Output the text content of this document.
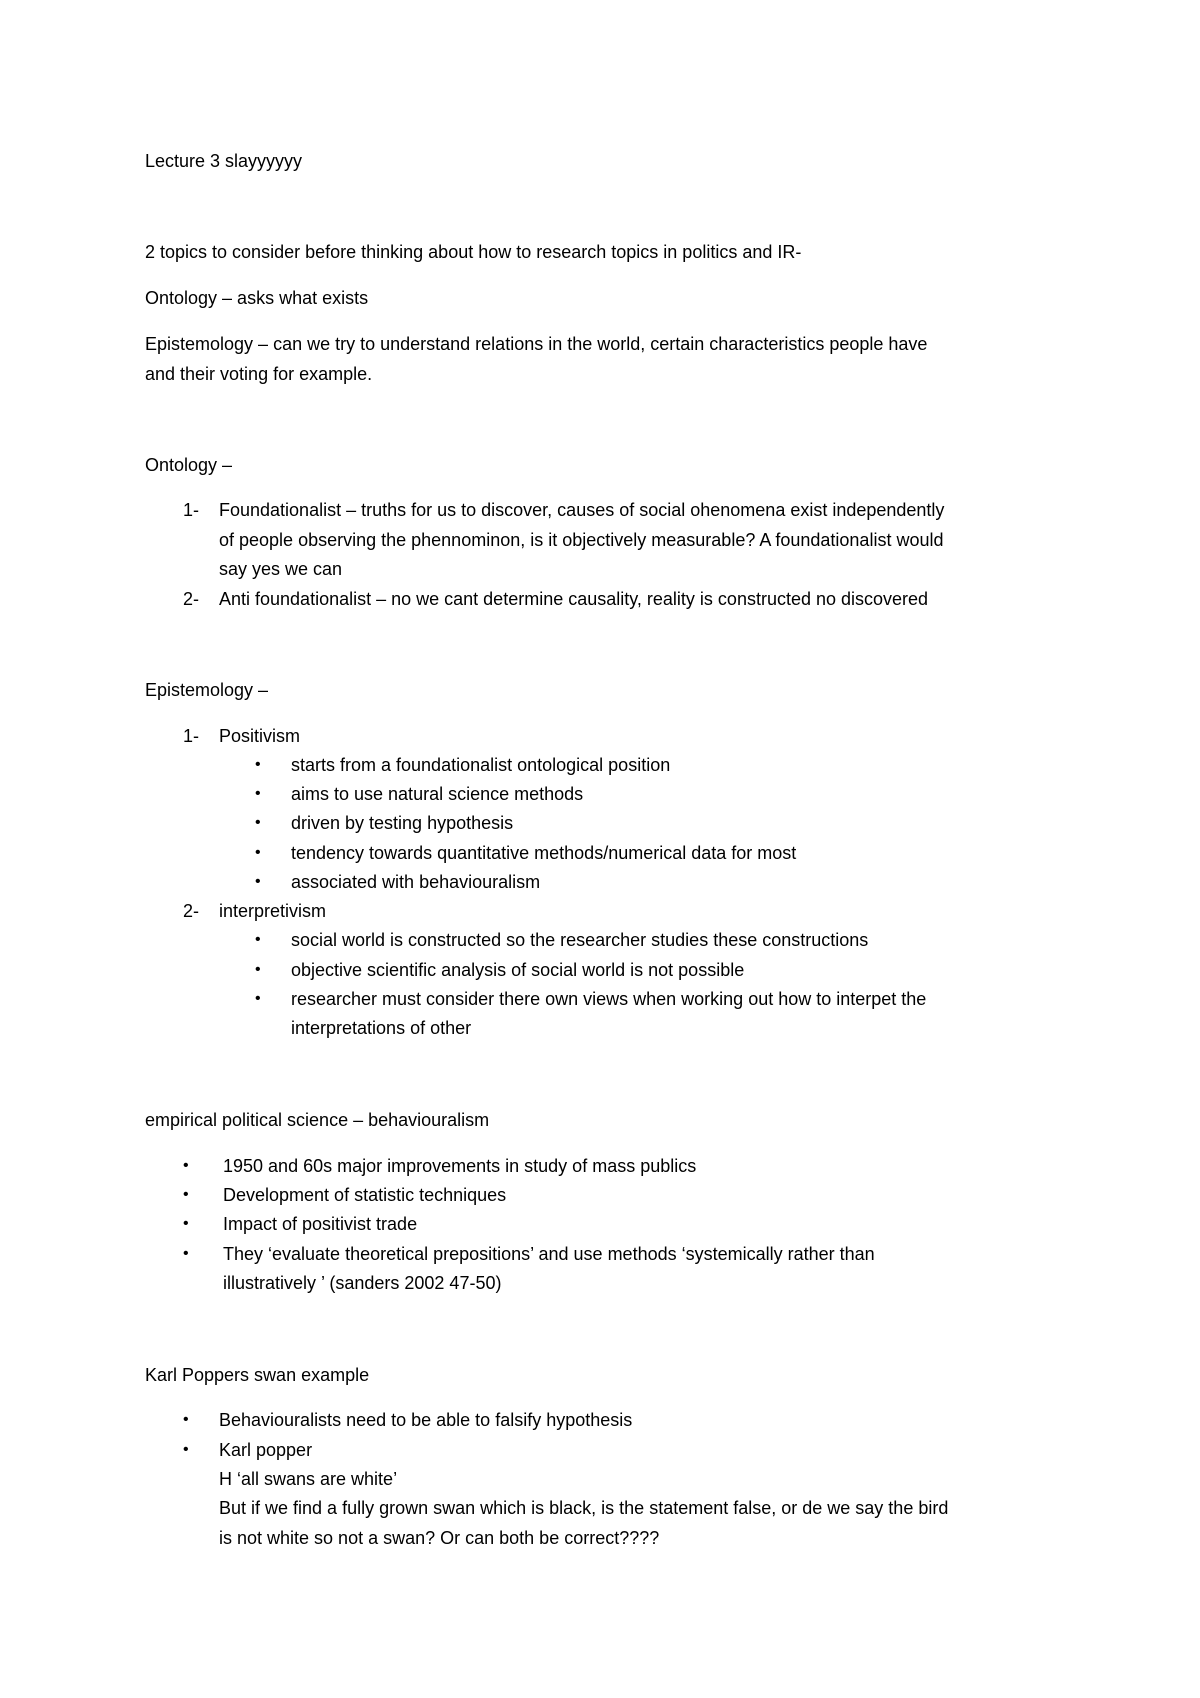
Lecture 3 slayyyyyy
2 topics to consider before thinking about how to research topics in politics and IR-
Ontology – asks what exists
Epistemology – can we try to understand relations in the world, certain characteristics people have
and their voting for example.
Ontology –
1- Foundationalist – truths for us to discover, causes of social ohenomena exist independently
of people observing the phennominon, is it objectively measurable? A foundationalist would
say yes we can
2- Anti foundationalist – no we cant determine causality, reality is constructed no discovered
Epistemology –
1- Positivism
• starts from a foundationalist ontological position
• aims to use natural science methods
• driven by testing hypothesis
• tendency towards quantitative methods/numerical data for most
• associated with behaviouralism
2- interpretivism
• social world is constructed so the researcher studies these constructions
• objective scientific analysis of social world is not possible
• researcher must consider there own views when working out how to interpet the
interpretations of other
empirical political science – behaviouralism
• 1950 and 60s major improvements in study of mass publics
• Development of statistic techniques
• Impact of positivist trade
• They ‘evaluate theoretical prepositions’ and use methods ‘systemically rather than
illustratively ’ (sanders 2002 47-50)
Karl Poppers swan example
• Behaviouralists need to be able to falsify hypothesis
• Karl popper
H ‘all swans are white’
But if we find a fully grown swan which is black, is the statement false, or de we say the bird
is not white so not a swan? Or can both be correct????
